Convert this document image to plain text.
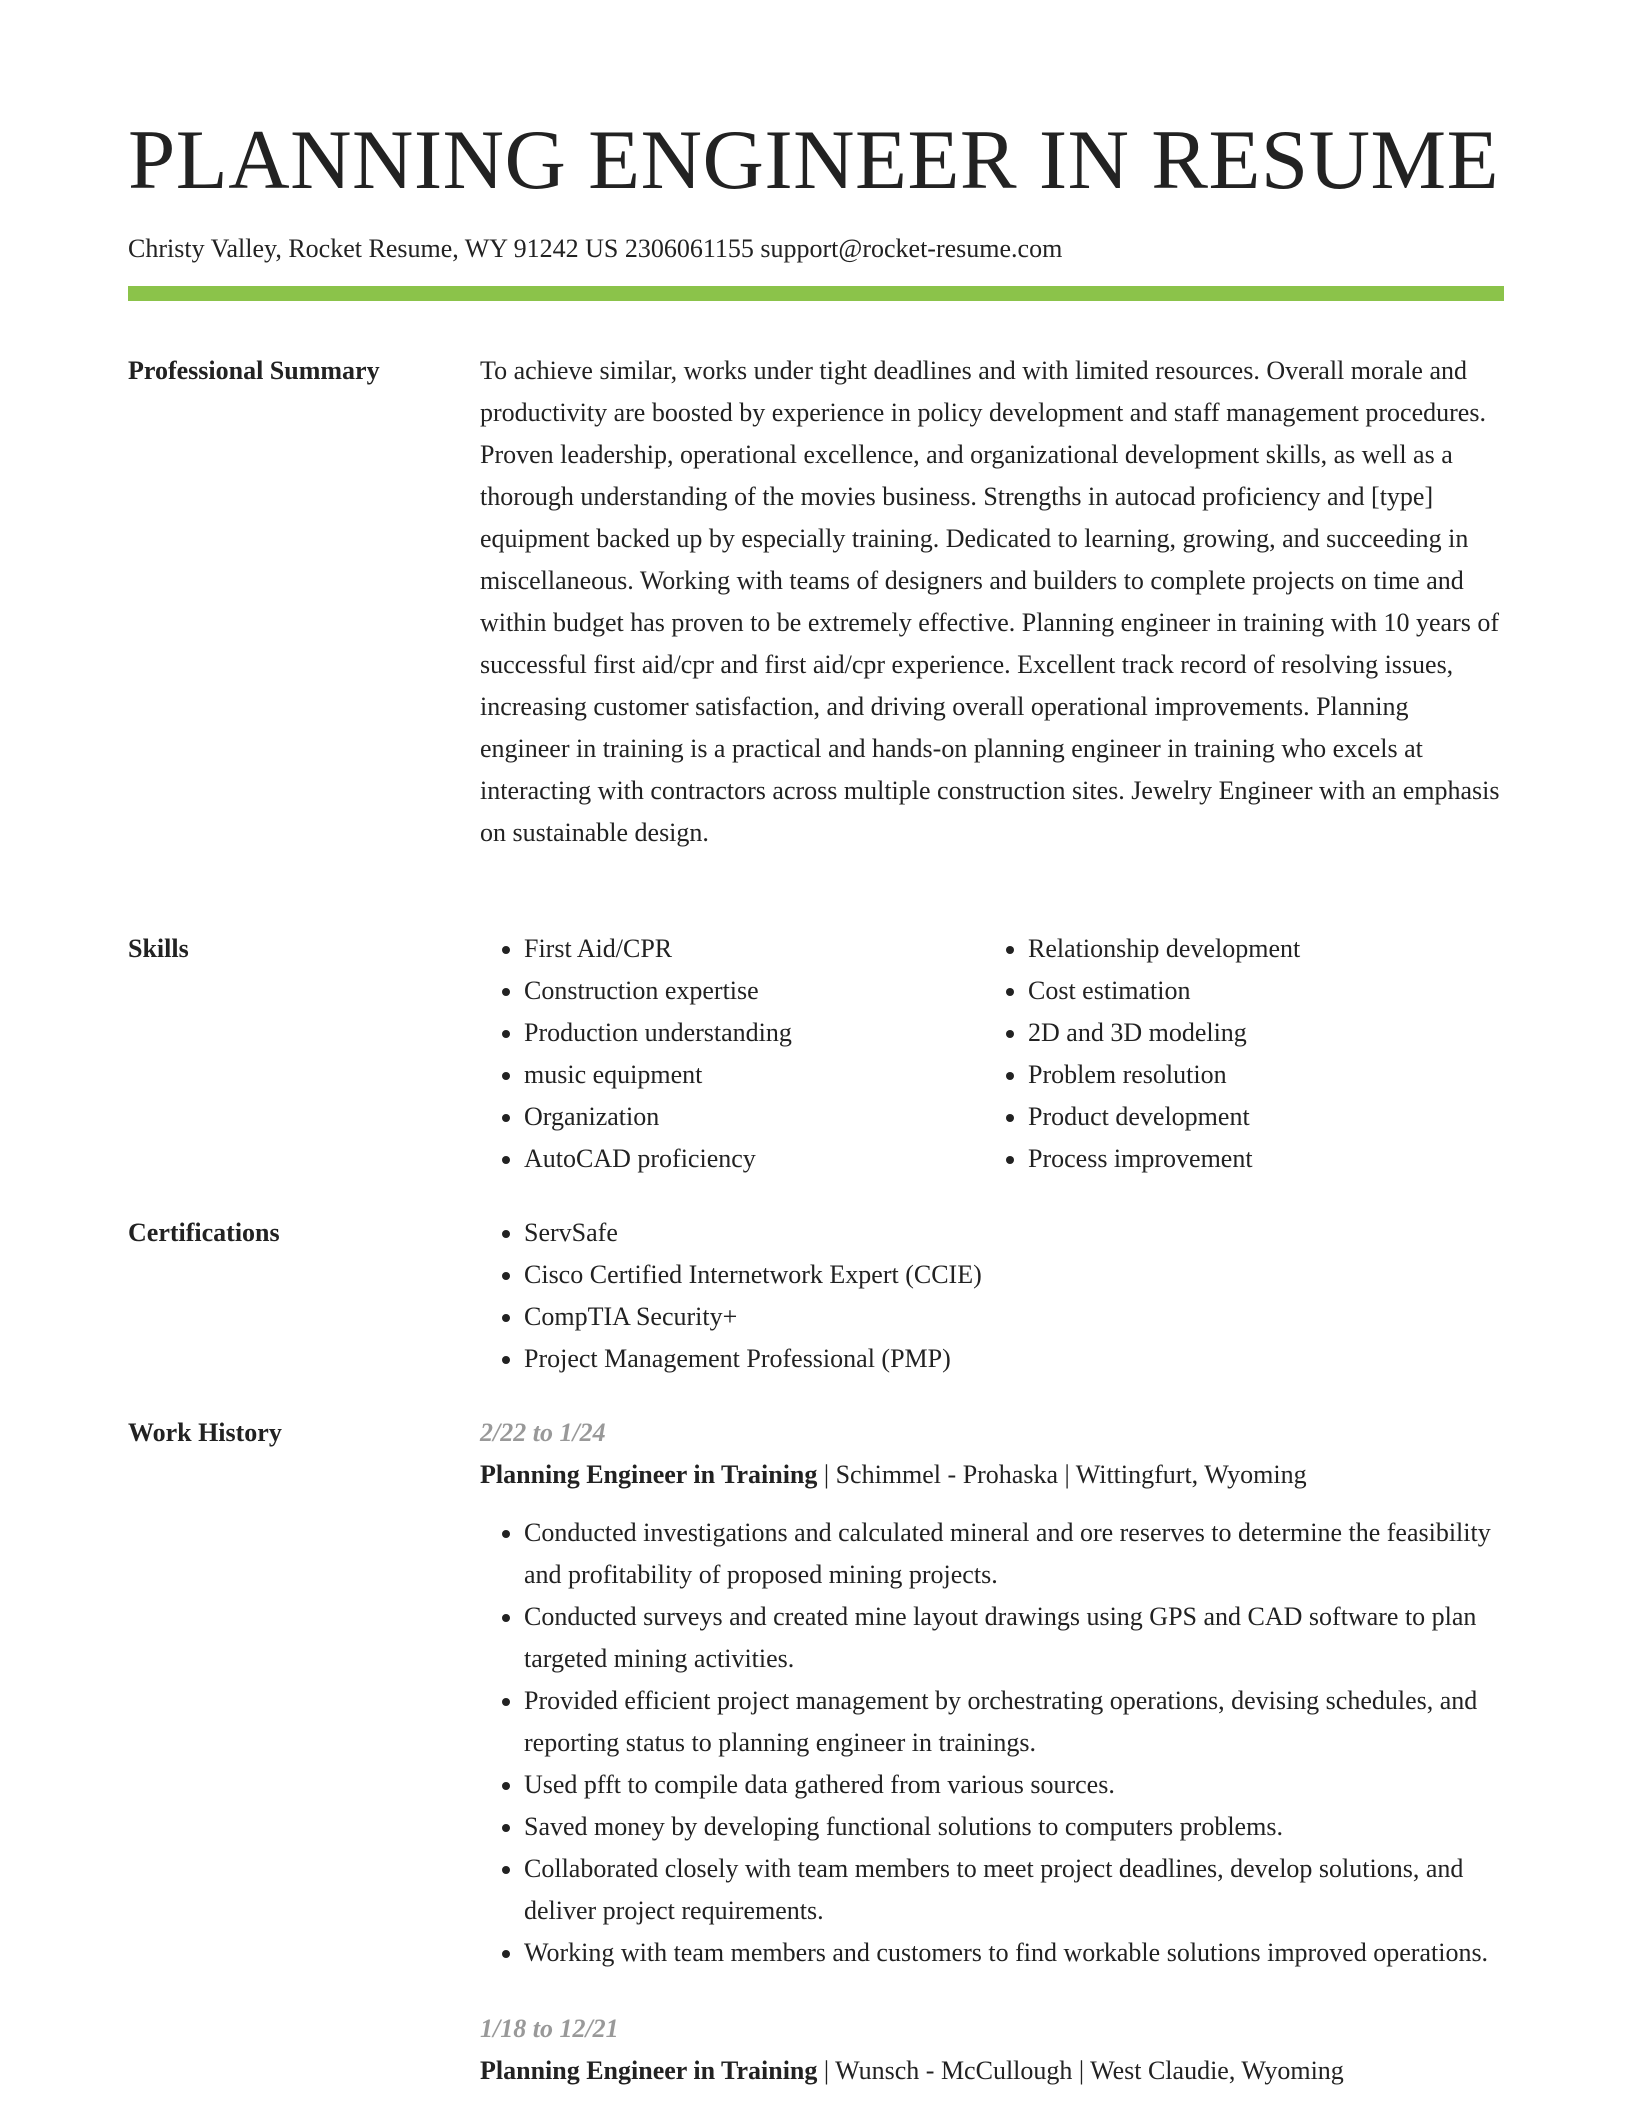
PLANNING ENGINEER IN RESUME
Christy Valley, Rocket Resume, WY 91242 US 2306061155 support@rocket-resume.com
Professional Summary	To achieve similar, works under tight deadlines and with limited resources. Overall morale and productivity are boosted by experience in policy development and staff management procedures. Proven leadership, operational excellence, and organizational development skills, as well as a thorough understanding of the movies business. Strengths in autocad proficiency and [type] equipment backed up by especially training. Dedicated to learning, growing, and succeeding in miscellaneous. Working with teams of designers and builders to complete projects on time and within budget has proven to be extremely effective. Planning engineer in training with 10 years of successful first aid/cpr and first aid/cpr experience. Excellent track record of resolving issues, increasing customer satisfaction, and driving overall operational improvements. Planning engineer in training is a practical and hands-on planning engineer in training who excels at interacting with contractors across multiple construction sites. Jewelry Engineer with an emphasis on sustainable design.

Skills	• First Aid/CPR
• Construction expertise
• Production understanding
• music equipment
• Organization
• AutoCAD proficiency
• Relationship development
• Cost estimation
• 2D and 3D modeling
• Problem resolution
• Product development
• Process improvement
Certifications	• ServSafe
• Cisco Certified Internetwork Expert (CCIE)
• CompTIA Security+
• Project Management Professional (PMP)
Work History	2/22 to 1/24
Planning Engineer in Training | Schimmel - Prohaska | Wittingfurt, Wyoming
• Conducted investigations and calculated mineral and ore reserves to determine the feasibility and profitability of proposed mining projects.
• Conducted surveys and created mine layout drawings using GPS and CAD software to plan targeted mining activities.
• Provided efficient project management by orchestrating operations, devising schedules, and reporting status to planning engineer in trainings.
• Used pfft to compile data gathered from various sources.
• Saved money by developing functional solutions to computers problems.
• Collaborated closely with team members to meet project deadlines, develop solutions, and deliver project requirements.
• Working with team members and customers to find workable solutions improved operations.
1/18 to 12/21
Planning Engineer in Training | Wunsch - McCullough | West Claudie, Wyoming
